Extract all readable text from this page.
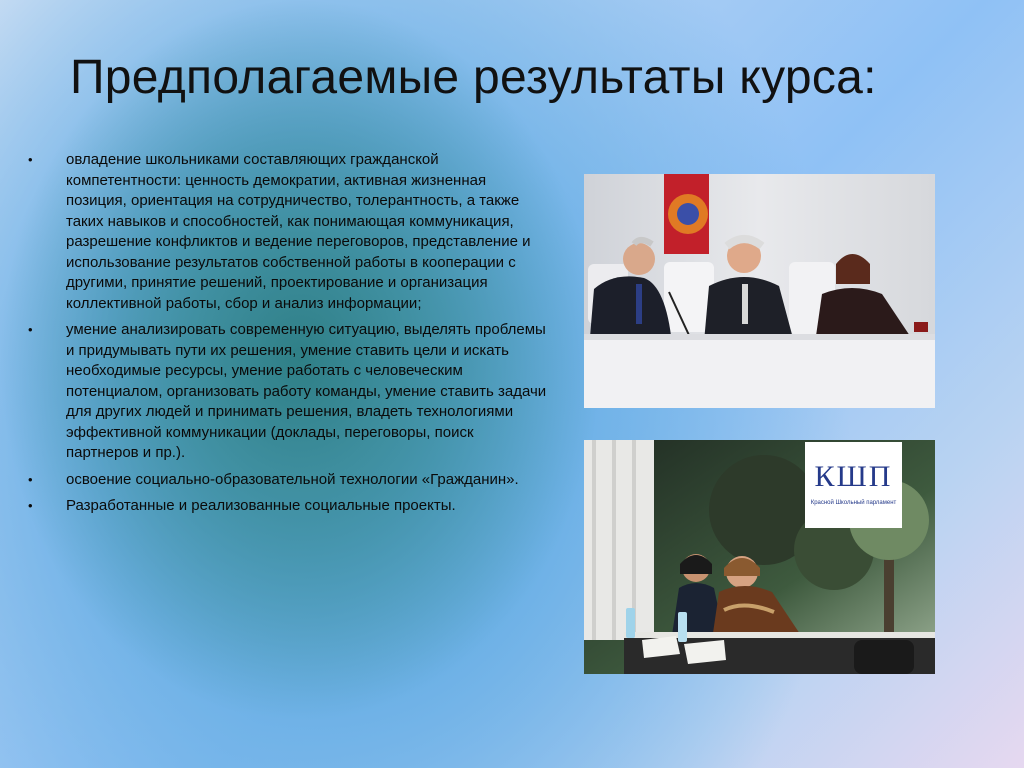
Предполагаемые результаты курса:
• овладение школьниками составляющих гражданской компетентности: ценность демократии, активная жизненная позиция, ориентация на сотрудничество, толерантность, а также таких навыков и способностей, как понимающая коммуникация, разрешение конфликтов и ведение переговоров, представление и использование результатов собственной работы в кооперации с другими, принятие решений, проектирование и организация коллективной работы, сбор и анализ информации;
• умение анализировать современную ситуацию, выделять проблемы и придумывать пути их решения, умение ставить цели и искать необходимые ресурсы, умение работать с человеческим потенциалом, организовать работу команды, умение ставить задачи для других людей и принимать решения, владеть технологиями эффективной коммуникации (доклады, переговоры, поиск партнеров и пр.).
• освоение социально-образовательной технологии «Гражданин».
• Разработанные и реализованные социальные проекты.
КШП
Красной Школьный парламент
